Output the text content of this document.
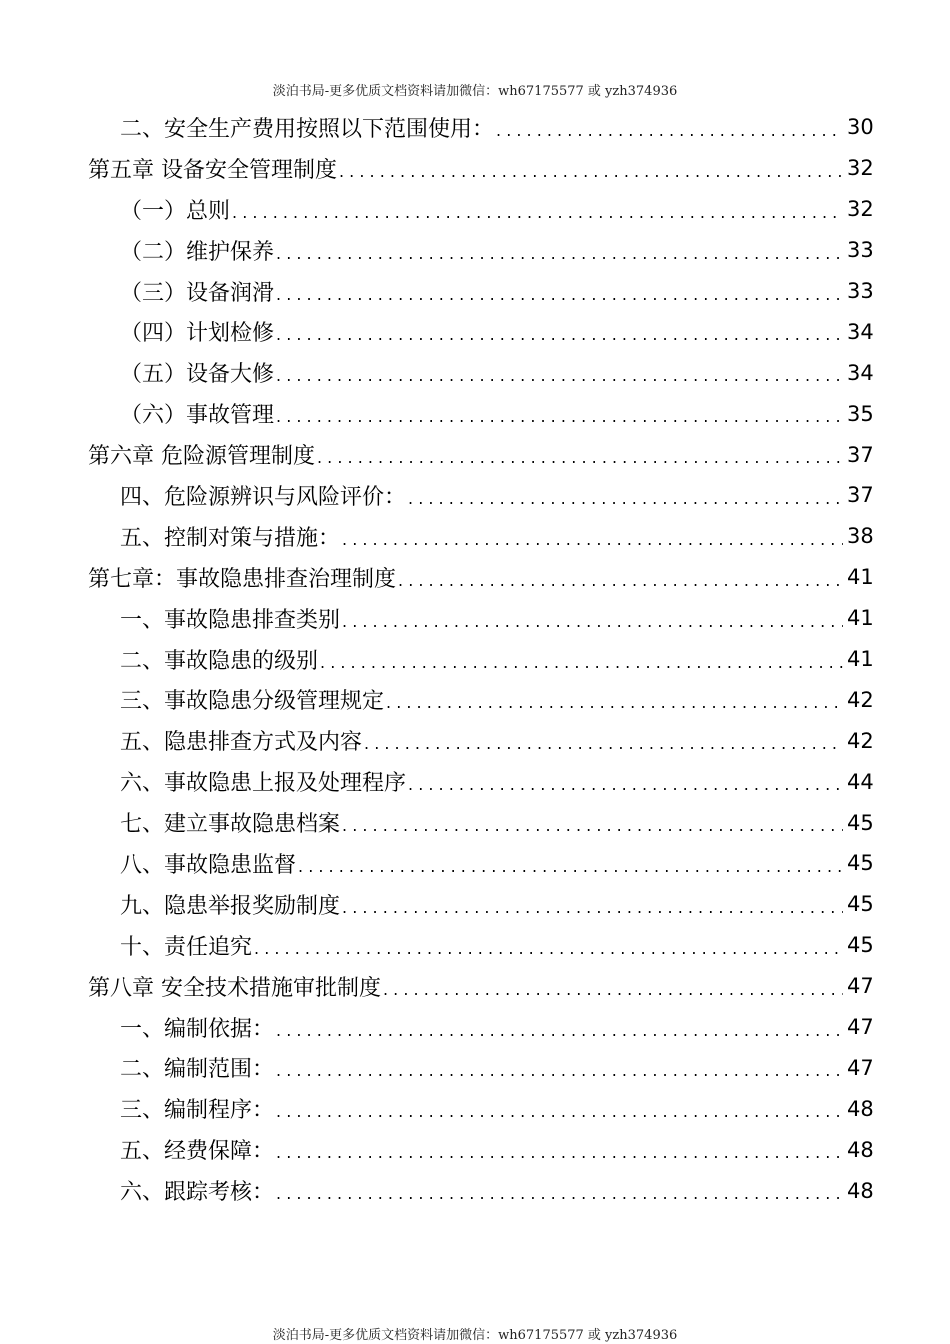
淡泊书局-更多优质文档资料请加微信：wh67175577 或 yzh374936
二、安全生产费用按照以下范围使用： . . .	30
第五章 设备安全管理制度 . . .	32
（一）总则 . . .	32
（二）维护保养 . . .	33
（三）设备润滑 . . .	33
（四）计划检修 . . .	34
（五）设备大修 . . .	34
（六）事故管理 . . .	35
第六章 危险源管理制度 . . .	37
四、危险源辨识与风险评价： . . .	37
五、控制对策与措施： . . .	38
第七章：事故隐患排查治理制度 . . .	41
一、事故隐患排查类别 . . .	41
二、事故隐患的级别 . . .	41
三、事故隐患分级管理规定 . . .	42
五、隐患排查方式及内容 . . .	42
六、事故隐患上报及处理程序 . . .	44
七、建立事故隐患档案 . . .	45
八、事故隐患监督 . . .	45
九、隐患举报奖励制度 . . .	45
十、责任追究 . . .	45
第八章 安全技术措施审批制度 . . .	47
一、编制依据： . . .	47
二、编制范围： . . .	47
三、编制程序： . . .	48
五、经费保障： . . .	48
六、跟踪考核： . . .	48
淡泊书局-更多优质文档资料请加微信：wh67175577 或 yzh374936
